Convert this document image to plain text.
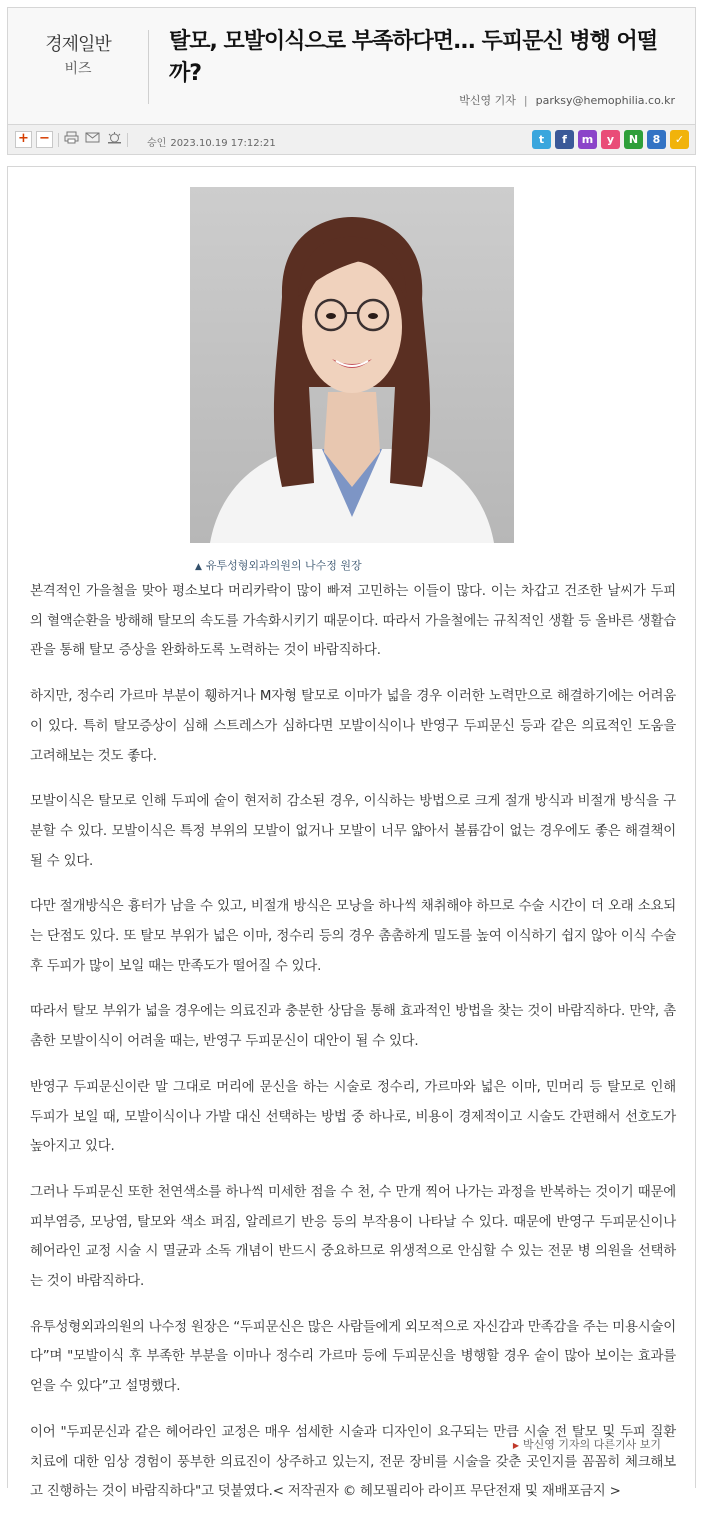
경제일반
비즈
탈모, 모발이식으로 부족하다면... 두피문신 병행 어떨까?
박신영 기자 | parksy@hemophilia.co.kr
+ −	승인 2023.10.19 17:12:21	t	f	m	y	N	8	✓
▲ 유투성형외과의원의 나수정 원장

본격적인 가을철을 맞아 평소보다 머리카락이 많이 빠져 고민하는 이들이 많다. 이는 차갑고 건조한 날씨가 두피의 혈액순환을 방해해 탈모의 속도를 가속화시키기 때문이다. 따라서 가을철에는 규칙적인 생활 등 올바른 생활습관을 통해 탈모 증상을 완화하도록 노력하는 것이 바람직하다.

하지만, 정수리 가르마 부분이 휑하거나 M자형 탈모로 이마가 넓을 경우 이러한 노력만으로 해결하기에는 어려움이 있다. 특히 탈모증상이 심해 스트레스가 심하다면 모발이식이나 반영구 두피문신 등과 같은 의료적인 도움을 고려해보는 것도 좋다.

모발이식은 탈모로 인해 두피에 숱이 현저히 감소된 경우, 이식하는 방법으로 크게 절개 방식과 비절개 방식을 구분할 수 있다. 모발이식은 특정 부위의 모발이 없거나 모발이 너무 얇아서 볼륨감이 없는 경우에도 좋은 해결책이 될 수 있다.

다만 절개방식은 흉터가 남을 수 있고, 비절개 방식은 모낭을 하나씩 채취해야 하므로 수술 시간이 더 오래 소요되는 단점도 있다. 또 탈모 부위가 넓은 이마, 정수리 등의 경우 촘촘하게 밀도를 높여 이식하기 쉽지 않아 이식 수술 후 두피가 많이 보일 때는 만족도가 떨어질 수 있다.

따라서 탈모 부위가 넓을 경우에는 의료진과 충분한 상담을 통해 효과적인 방법을 찾는 것이 바람직하다. 만약, 촘촘한 모발이식이 어려울 때는, 반영구 두피문신이 대안이 될 수 있다.

반영구 두피문신이란 말 그대로 머리에 문신을 하는 시술로 정수리, 가르마와 넓은 이마, 민머리 등 탈모로 인해 두피가 보일 때, 모발이식이나 가발 대신 선택하는 방법 중 하나로, 비용이 경제적이고 시술도 간편해서 선호도가 높아지고 있다.

그러나 두피문신 또한 천연색소를 하나씩 미세한 점을 수 천, 수 만개 찍어 나가는 과정을 반복하는 것이기 때문에 피부염증, 모낭염, 탈모와 색소 퍼짐, 알레르기 반응 등의 부작용이 나타날 수 있다. 때문에 반영구 두피문신이나 헤어라인 교정 시술 시 멸균과 소독 개념이 반드시 중요하므로 위생적으로 안심할 수 있는 전문 병 의원을 선택하는 것이 바람직하다.

유투성형외과의원의 나수정 원장은 “두피문신은 많은 사람들에게 외모적으로 자신감과 만족감을 주는 미용시술이다”며 "모발이식 후 부족한 부분을 이마나 정수리 가르마 등에 두피문신을 병행할 경우 숱이 많아 보이는 효과를 얻을 수 있다”고 설명했다.

이어 "두피문신과 같은 헤어라인 교정은 매우 섬세한 시술과 디자인이 요구되는 만큼 시술 전 탈모 및 두피 질환 치료에 대한 임상 경험이 풍부한 의료진이 상주하고 있는지, 전문 장비를 시술을 갖춘 곳인지를 꼼꼼히 체크해보고 진행하는 것이 바람직하다"고 덧붙였다.< 저작권자 © 헤모필리아 라이프 무단전재 및 재배포금지 >

▶ 박신영 기자의 다른기사 보기
